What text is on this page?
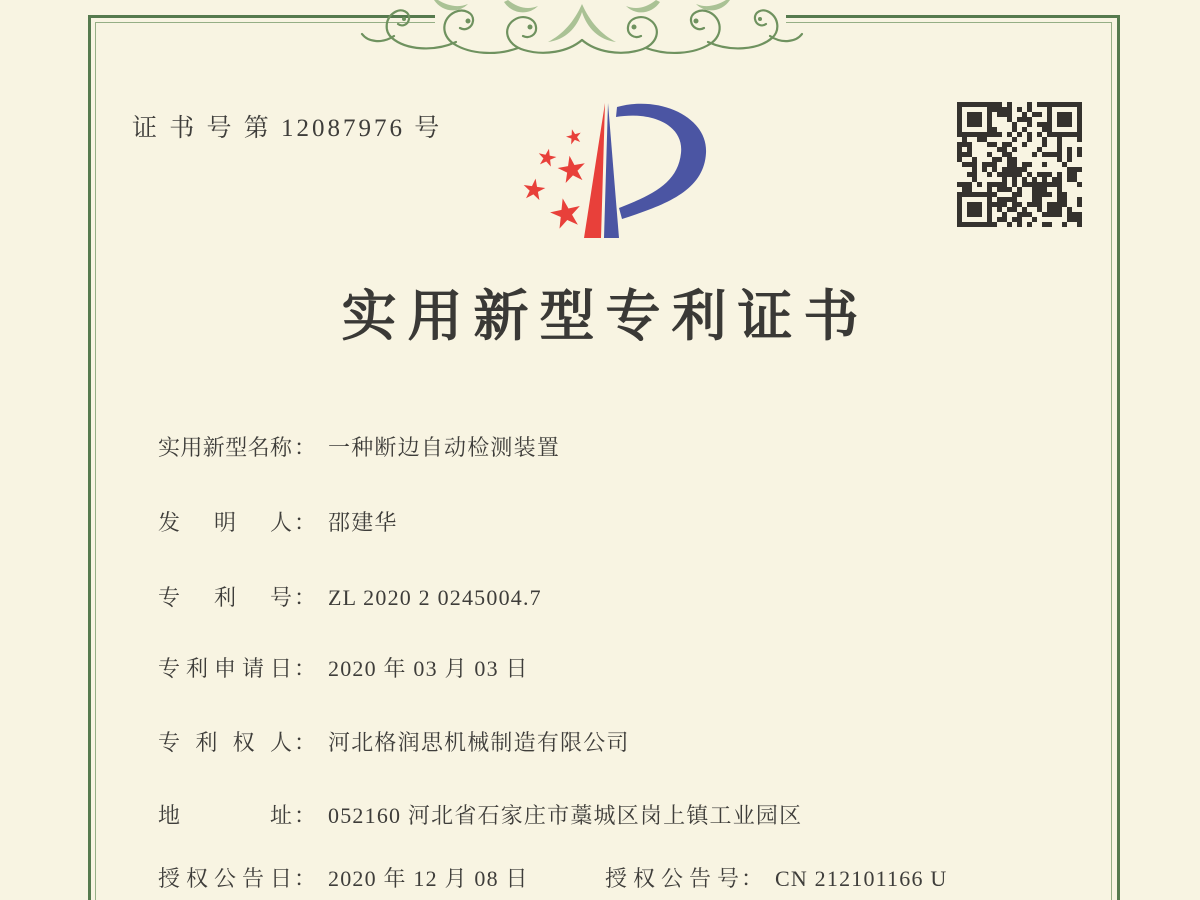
证 书 号 第 12087976 号
实用新型专利证书
实用新型名称： 一种断边自动检测装置
发明人： 邵建华
专利号： ZL 2020 2 0245004.7
专利申请日： 2020 年 03 月 03 日
专利权人： 河北格润思机械制造有限公司
地址： 052160 河北省石家庄市藁城区岗上镇工业园区
授权公告日： 2020 年 12 月 08 日	授权公告号： CN 212101166 U
